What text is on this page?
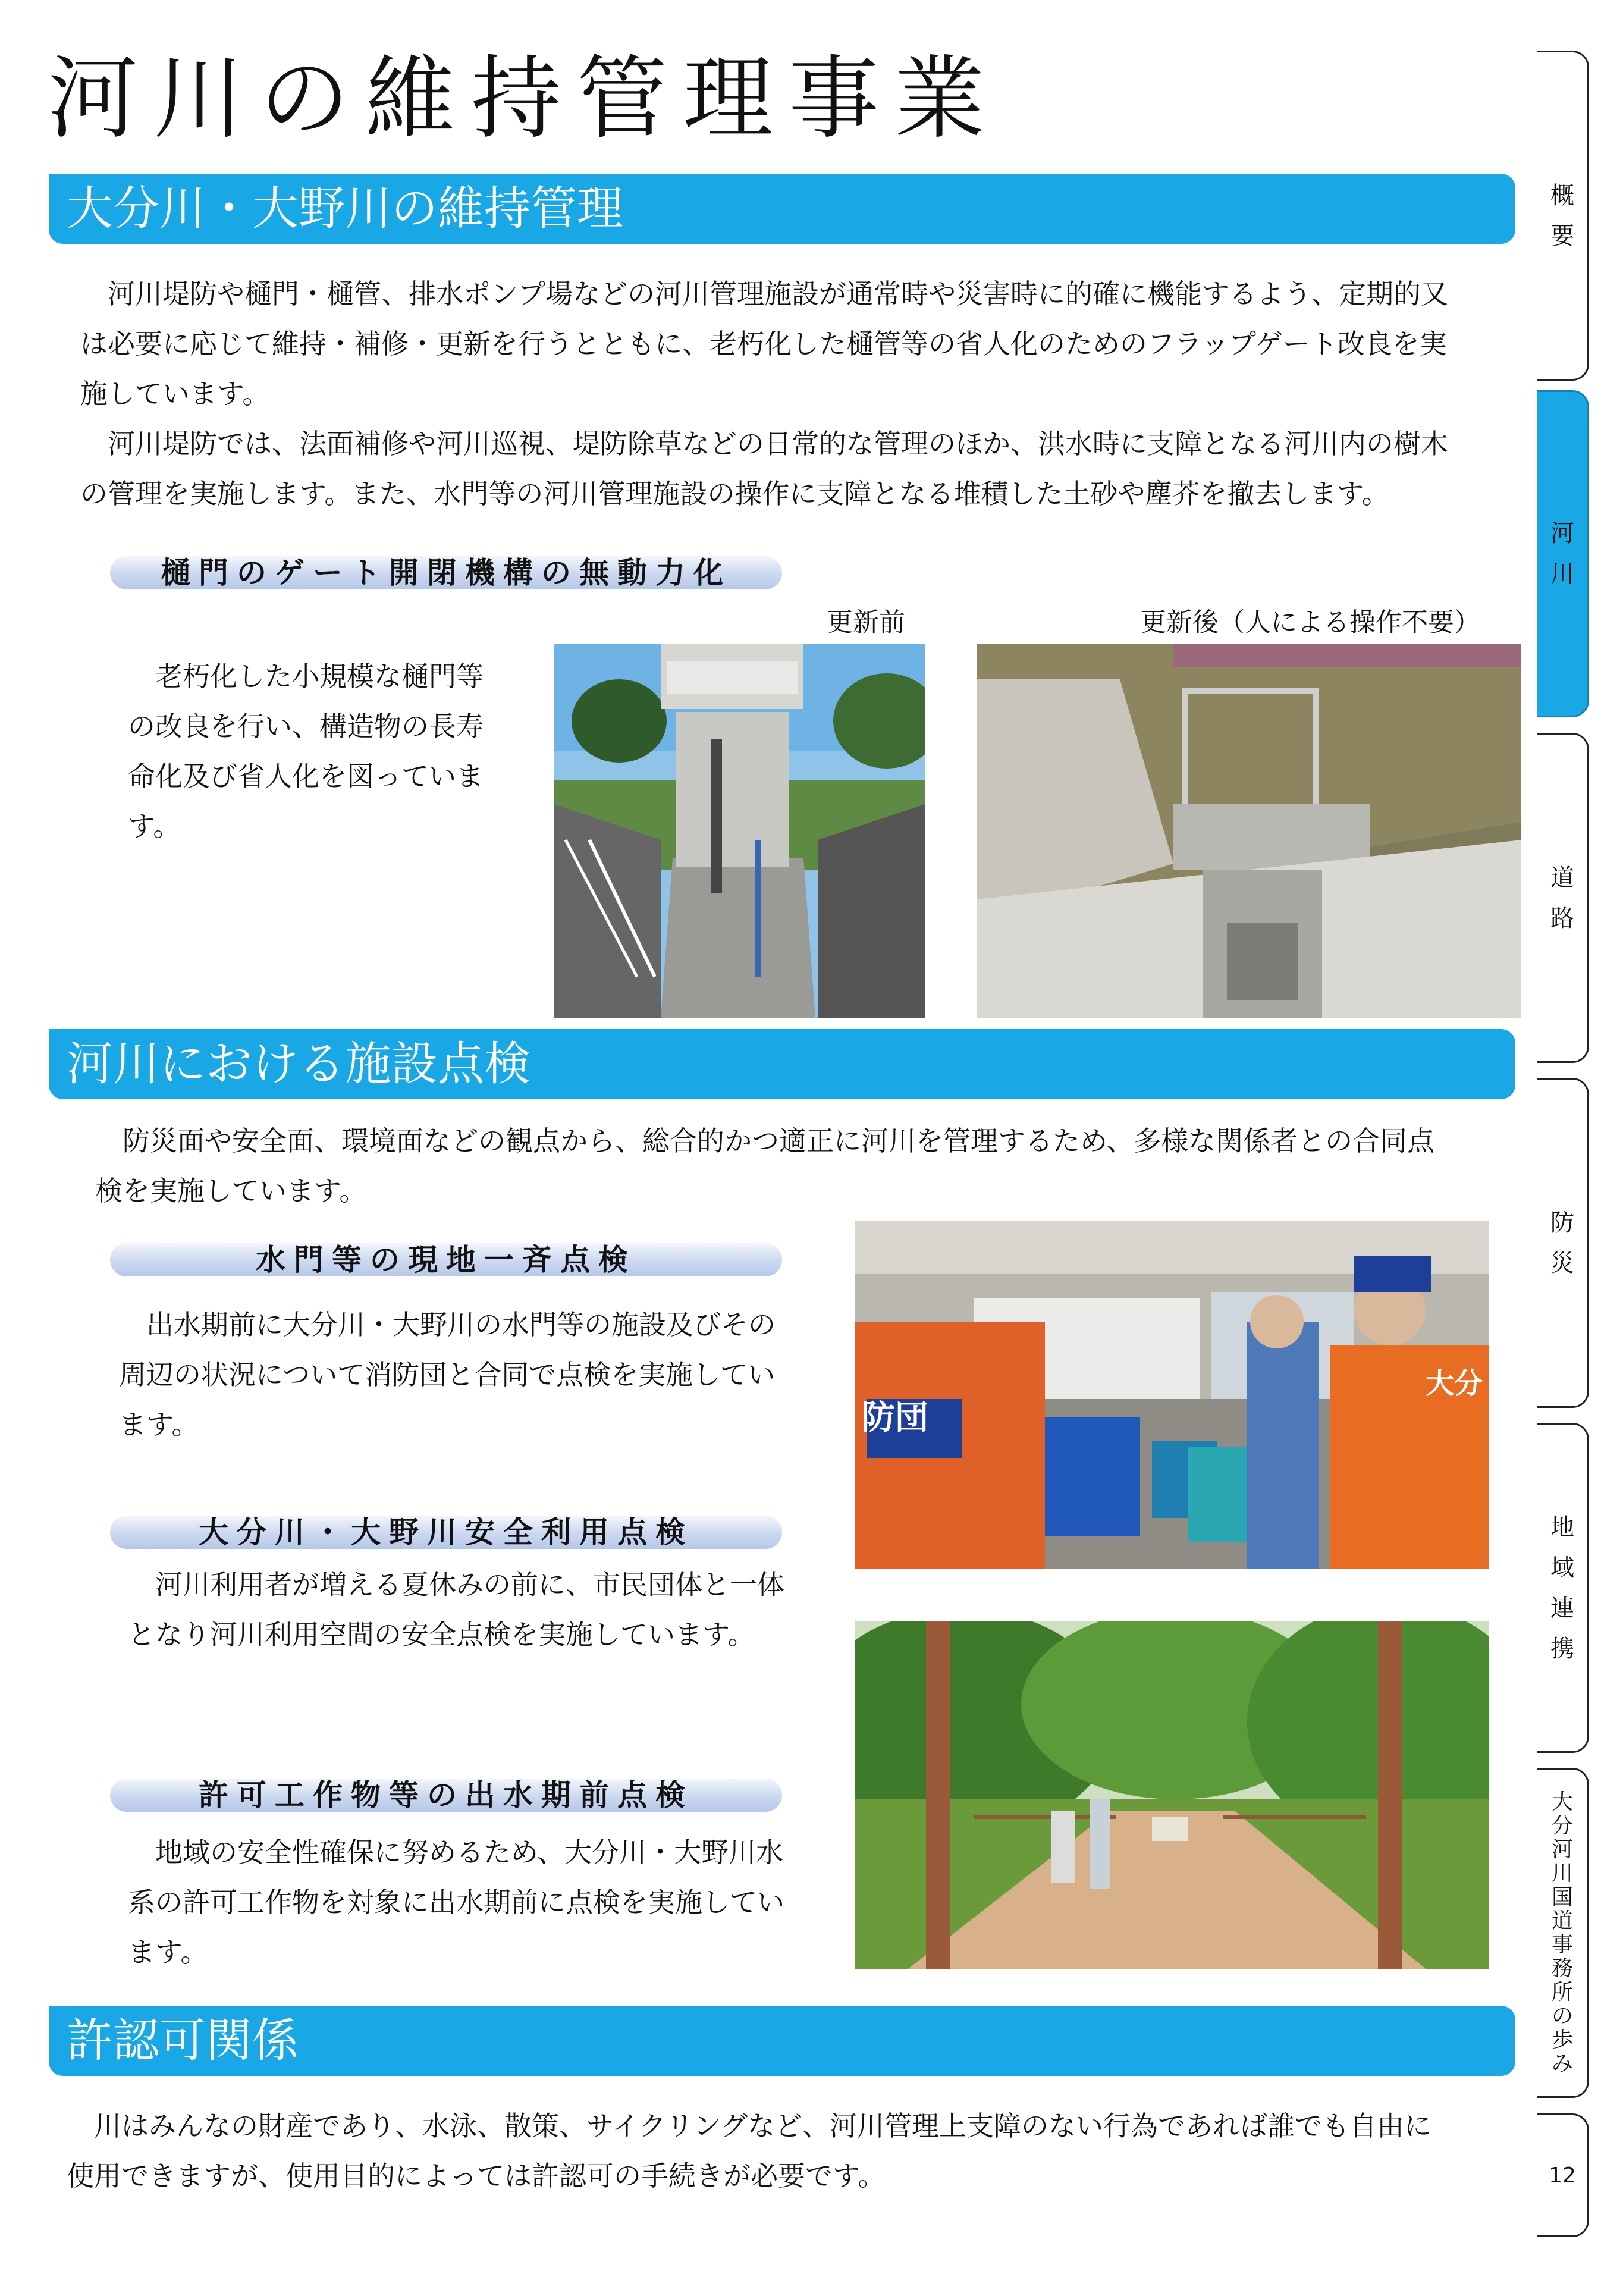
河川の維持管理事業
大分川・大野川の維持管理

河川堤防や樋門・樋管、排水ポンプ場などの河川管理施設が通常時や災害時に的確に機能するよう、定期的又は必要に応じて維持・補修・更新を行うとともに、老朽化した樋管等の省人化のためのフラップゲート改良を実施しています。

河川堤防では、法面補修や河川巡視、堤防除草などの日常的な管理のほか、洪水時に支障となる河川内の樹木の管理を実施します。また、水門等の河川管理施設の操作に支障となる堆積した土砂や塵芥を撤去します。

樋門のゲート開閉機構の無動力化

老朽化した小規模な樋門等の改良を行い、構造物の長寿命化及び省人化を図っています。

更新前	更新後（人による操作不要）
河川における施設点検

防災面や安全面、環境面などの観点から、総合的かつ適正に河川を管理するため、多様な関係者との合同点検を実施しています。

水門等の現地一斉点検

出水期前に大分川・大野川の水門等の施設及びその周辺の状況について消防団と合同で点検を実施しています。

大分川・大野川安全利用点検

河川利用者が増える夏休みの前に、市民団体と一体となり河川利用空間の安全点検を実施しています。

許可工作物等の出水期前点検

地域の安全性確保に努めるため、大分川・大野川水系の許可工作物を対象に出水期前に点検を実施しています。

防団
大分
許認可関係

川はみんなの財産であり、水泳、散策、サイクリングなど、河川管理上支障のない行為であれば誰でも自由に使用できますが、使用目的によっては許認可の手続きが必要です。

概
要
河
川
道
路
防
災
地
域
連
携
大
分
河
川
国
道
事
務
所
の
歩
み
12
